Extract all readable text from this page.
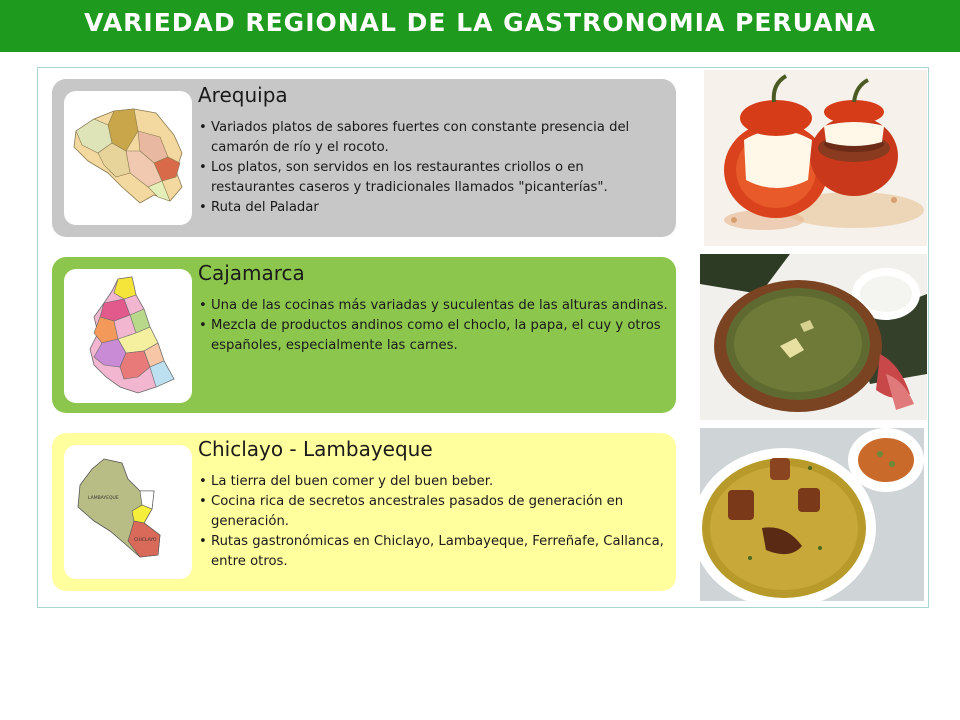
VARIEDAD REGIONAL DE LA GASTRONOMIA PERUANA
Arequipa
• Variados platos de sabores fuertes con constante presencia del camarón de río y el rocoto.
• Los platos, son servidos en los restaurantes criollos o en restaurantes caseros y tradicionales llamados "picanterías".
• Ruta del Paladar
Cajamarca
• Una de las cocinas más variadas y suculentas de las alturas andinas.
• Mezcla de productos andinos como el choclo, la papa, el cuy y otros españoles, especialmente las carnes.
LAMBAYEQUE
CHICLAYO
Chiclayo - Lambayeque
• La tierra del buen comer y del buen beber.
• Cocina rica de secretos ancestrales pasados de generación en generación.
• Rutas gastronómicas en Chiclayo, Lambayeque, Ferreñafe, Callanca, entre otros.
